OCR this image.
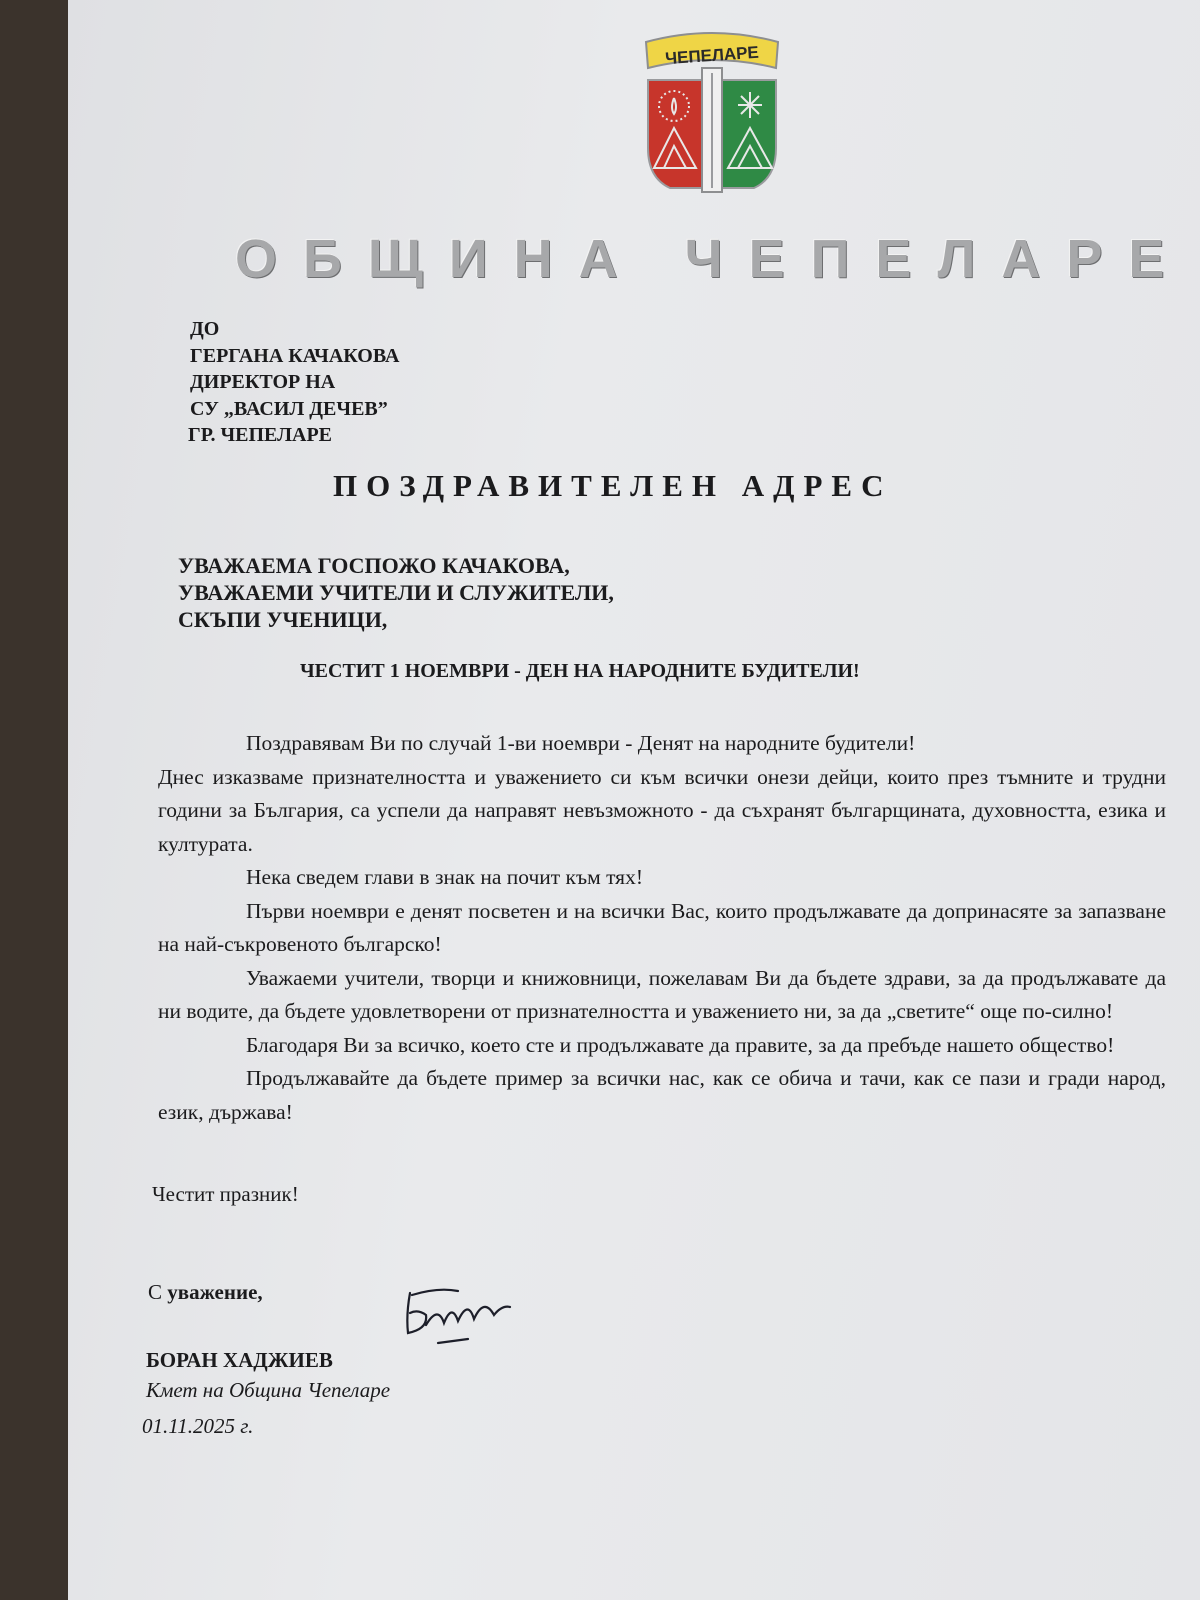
ЧЕПЕЛАРЕ
ОБЩИНА ЧЕПЕЛАРЕ
ДО
ГЕРГАНА КАЧАКОВА
ДИРЕКТОР НА
СУ „ВАСИЛ ДЕЧЕВ”
ГР. ЧЕПЕЛАРЕ
ПОЗДРАВИТЕЛЕН АДРЕС
УВАЖАЕМА ГОСПОЖО КАЧАКОВА,
УВАЖАЕМИ УЧИТЕЛИ И СЛУЖИТЕЛИ,
СКЪПИ УЧЕНИЦИ,
ЧЕСТИТ 1 НОЕМВРИ - ДЕН НА НАРОДНИТЕ БУДИТЕЛИ!

Поздравявам Ви по случай 1-ви ноември - Денят на народните будители!

Днес изказваме признателността и уважението си към всички онези дейци, които през тъмните и трудни години за България, са успели да направят невъзможното - да съхранят българщината, духовността, езика и културата.

Нека сведем глави в знак на почит към тях!

Първи ноември е денят посветен и на всички Вас, които продължавате да допринасяте за запазване на най-съкровеното българско!

Уважаеми учители, творци и книжовници, пожелавам Ви да бъдете здрави, за да продължавате да ни водите, да бъдете удовлетворени от признателността и уважението ни, за да „светите“ още по-силно!

Благодаря Ви за всичко, което сте и продължавате да правите, за да пребъде нашето общество!

Продължавайте да бъдете пример за всички нас, как се обича и тачи, как се пази и гради народ, език, държава!

Честит празник!
С уважение,
БОРАН ХАДЖИЕВ
Кмет на Община Чепеларе
01.11.2025 г.
